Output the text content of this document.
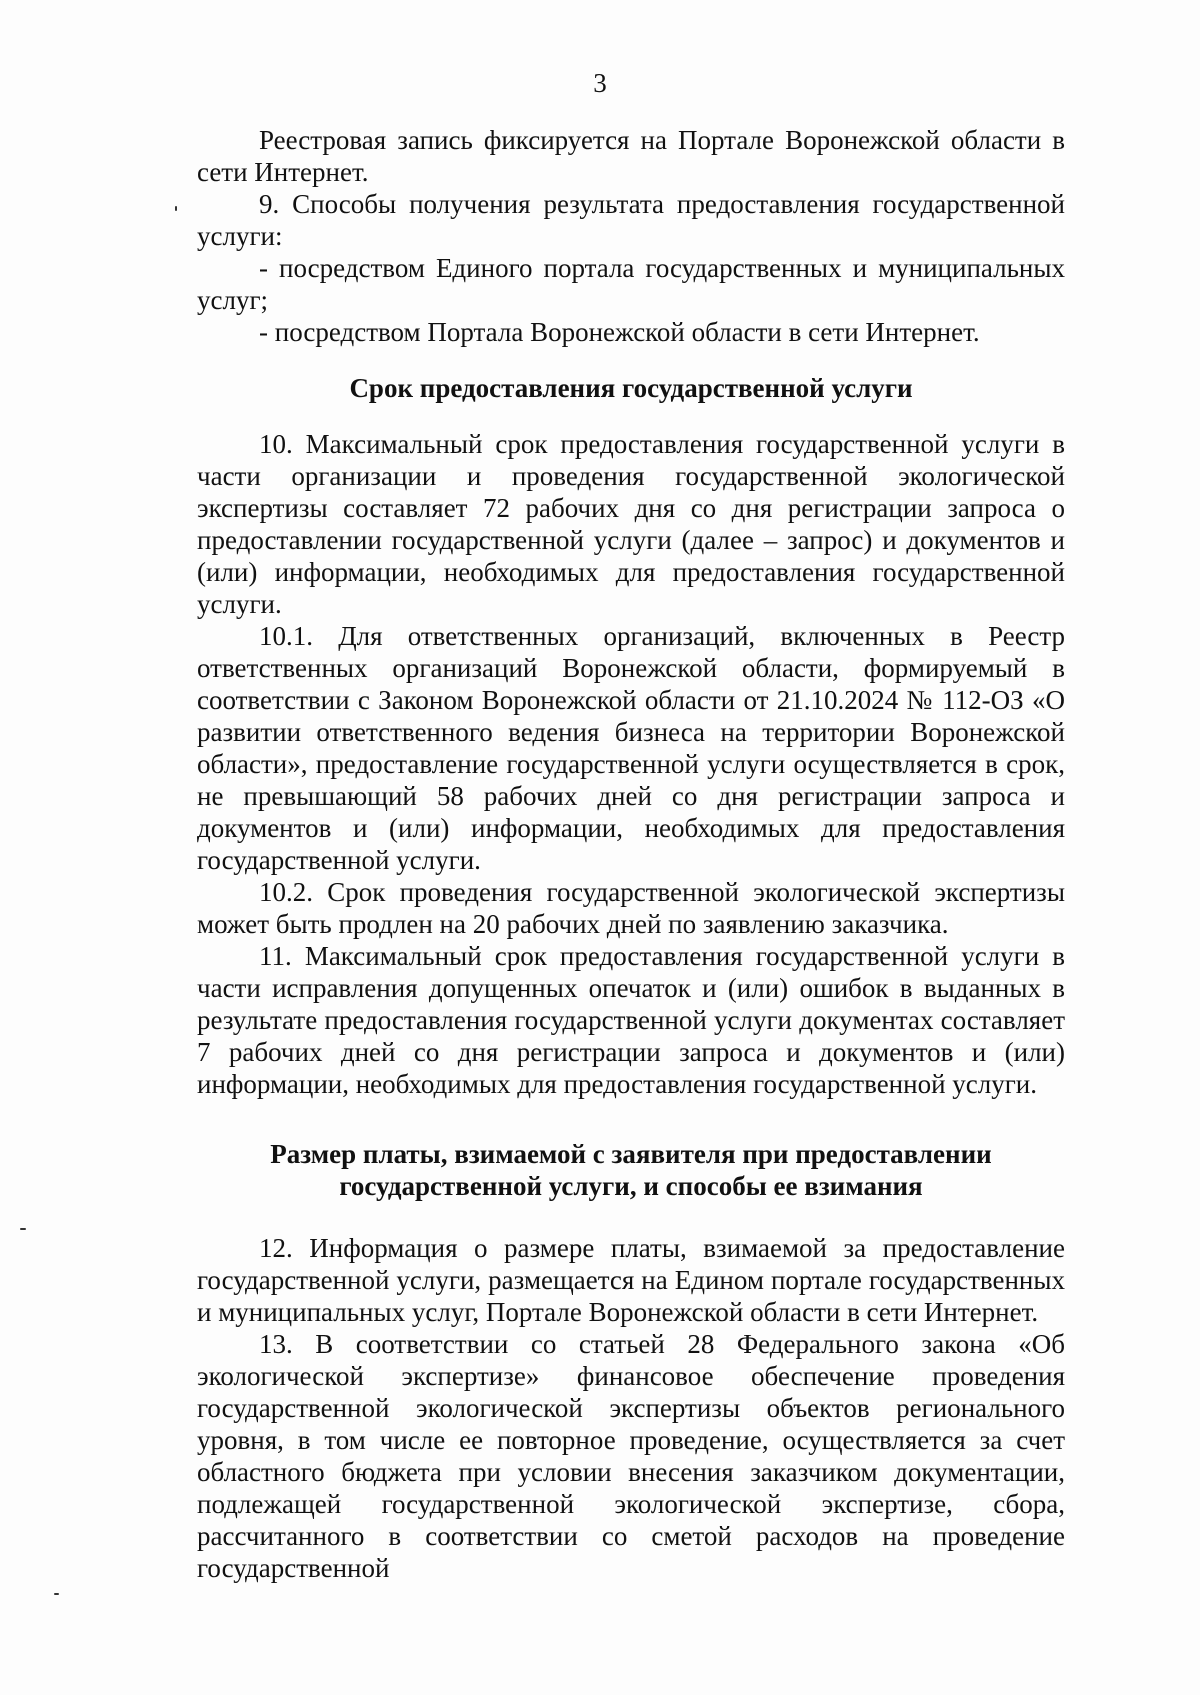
3

Реестровая запись фиксируется на Портале Воронежской области в сети Интернет.

9. Способы получения результата предоставления государственной услуги:

- посредством Единого портала государственных и муниципальных услуг;

- посредством Портала Воронежской области в сети Интернет.

Срок предоставления государственной услуги

10. Максимальный срок предоставления государственной услуги в части организации и проведения государственной экологической экспертизы составляет 72 рабочих дня со дня регистрации запроса о предоставлении государственной услуги (далее – запрос) и документов и (или) информации, необходимых для предоставления государственной услуги.

10.1. Для ответственных организаций, включенных в Реестр ответственных организаций Воронежской области, формируемый в соответствии с Законом Воронежской области от 21.10.2024 № 112-ОЗ «О развитии ответственного ведения бизнеса на территории Воронежской области», предоставление государственной услуги осуществляется в срок, не превышающий 58 рабочих дней со дня регистрации запроса и документов и (или) информации, необходимых для предоставления государственной услуги.

10.2. Срок проведения государственной экологической экспертизы может быть продлен на 20 рабочих дней по заявлению заказчика.

11. Максимальный срок предоставления государственной услуги в части исправления допущенных опечаток и (или) ошибок в выданных в результате предоставления государственной услуги документах составляет 7 рабочих дней со дня регистрации запроса и документов и (или) информации, необходимых для предоставления государственной услуги.

Размер платы, взимаемой с заявителя при предоставлении
государственной услуги, и способы ее взимания

12. Информация о размере платы, взимаемой за предоставление государственной услуги, размещается на Едином портале государственных и муниципальных услуг, Портале Воронежской области в сети Интернет.

13. В соответствии со статьей 28 Федерального закона «Об экологической экспертизе» финансовое обеспечение проведения государственной экологической экспертизы объектов регионального уровня, в том числе ее повторное проведение, осуществляется за счет областного бюджета при условии внесения заказчиком документации, подлежащей государственной экологической экспертизе, сбора, рассчитанного в соответствии со сметой расходов на проведение государственной
